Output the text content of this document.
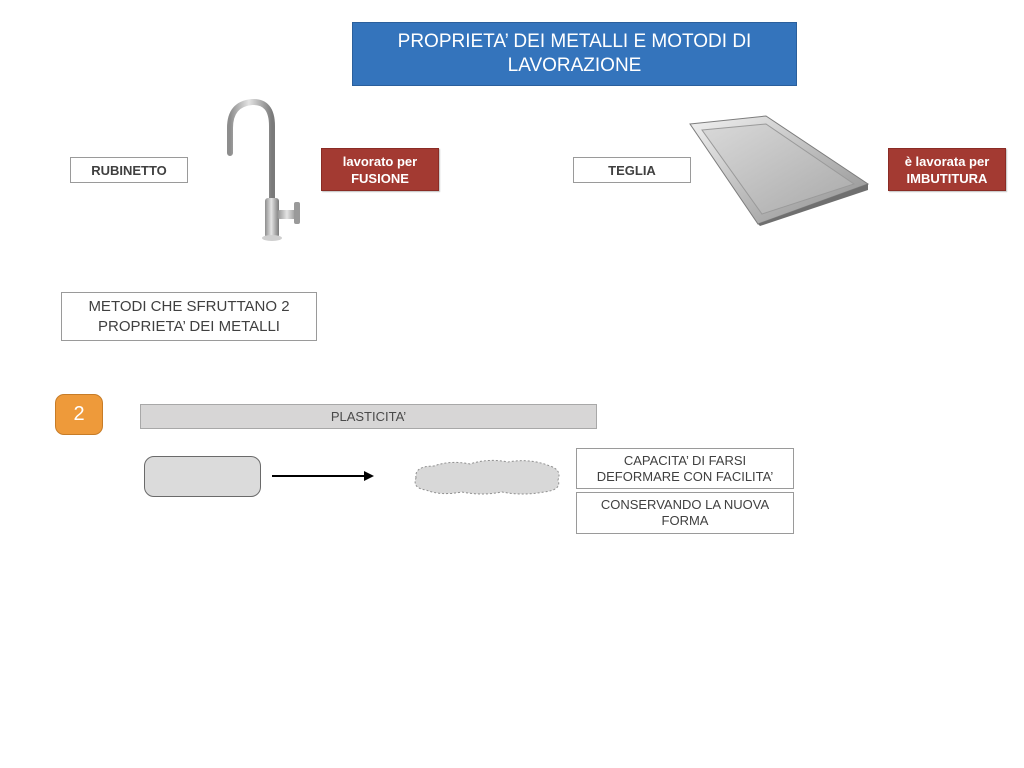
PROPRIETA’ DEI METALLI E MOTODI DI LAVORAZIONE
RUBINETTO
lavorato per FUSIONE
TEGLIA
è lavorata per IMBUTITURA
METODI CHE SFRUTTANO 2 PROPRIETA’ DEI METALLI
2	PLASTICITA’
CAPACITA’ DI FARSI DEFORMARE CON FACILITA’
CONSERVANDO LA NUOVA FORMA
